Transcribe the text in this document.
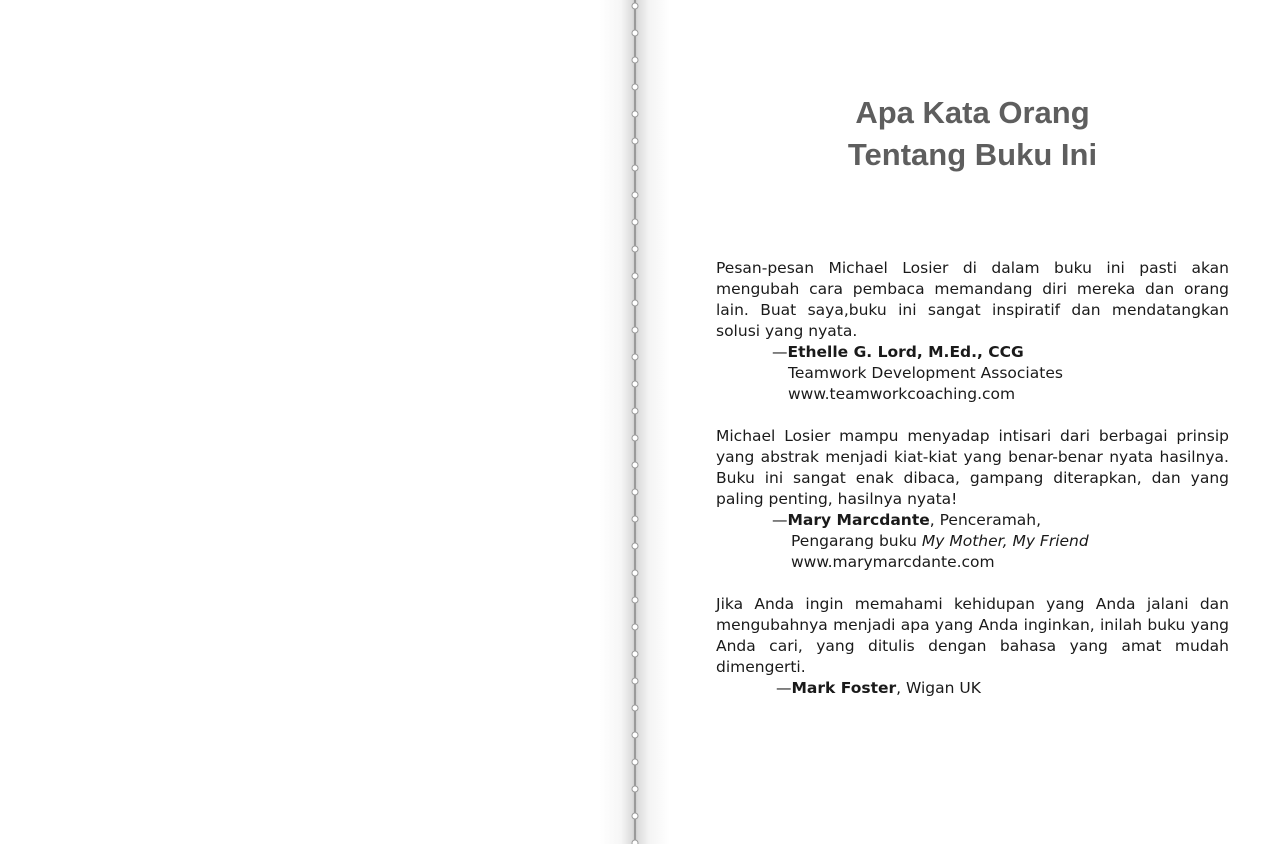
Apa Kata Orang
Tentang Buku Ini

Pesan-pesan Michael Losier di dalam buku ini pasti akan mengubah cara pembaca memandang diri mereka dan orang lain. Buat saya,buku ini sangat inspiratif dan mendatangkan solusi yang nyata.

—Ethelle G. Lord, M.Ed., CCG
Teamwork Development Associates
www.teamworkcoaching.com

Michael Losier mampu menyadap intisari dari berbagai prinsip yang abstrak menjadi kiat-kiat yang benar-benar nyata hasilnya. Buku ini sangat enak dibaca, gampang diterapkan, dan yang paling penting, hasilnya nyata!

—Mary Marcdante, Penceramah,
Pengarang buku My Mother, My Friend
www.marymarcdante.com

Jika Anda ingin memahami kehidupan yang Anda jalani dan mengubahnya menjadi apa yang Anda inginkan, inilah buku yang Anda cari, yang ditulis dengan bahasa yang amat mudah dimengerti.

—Mark Foster, Wigan UK
